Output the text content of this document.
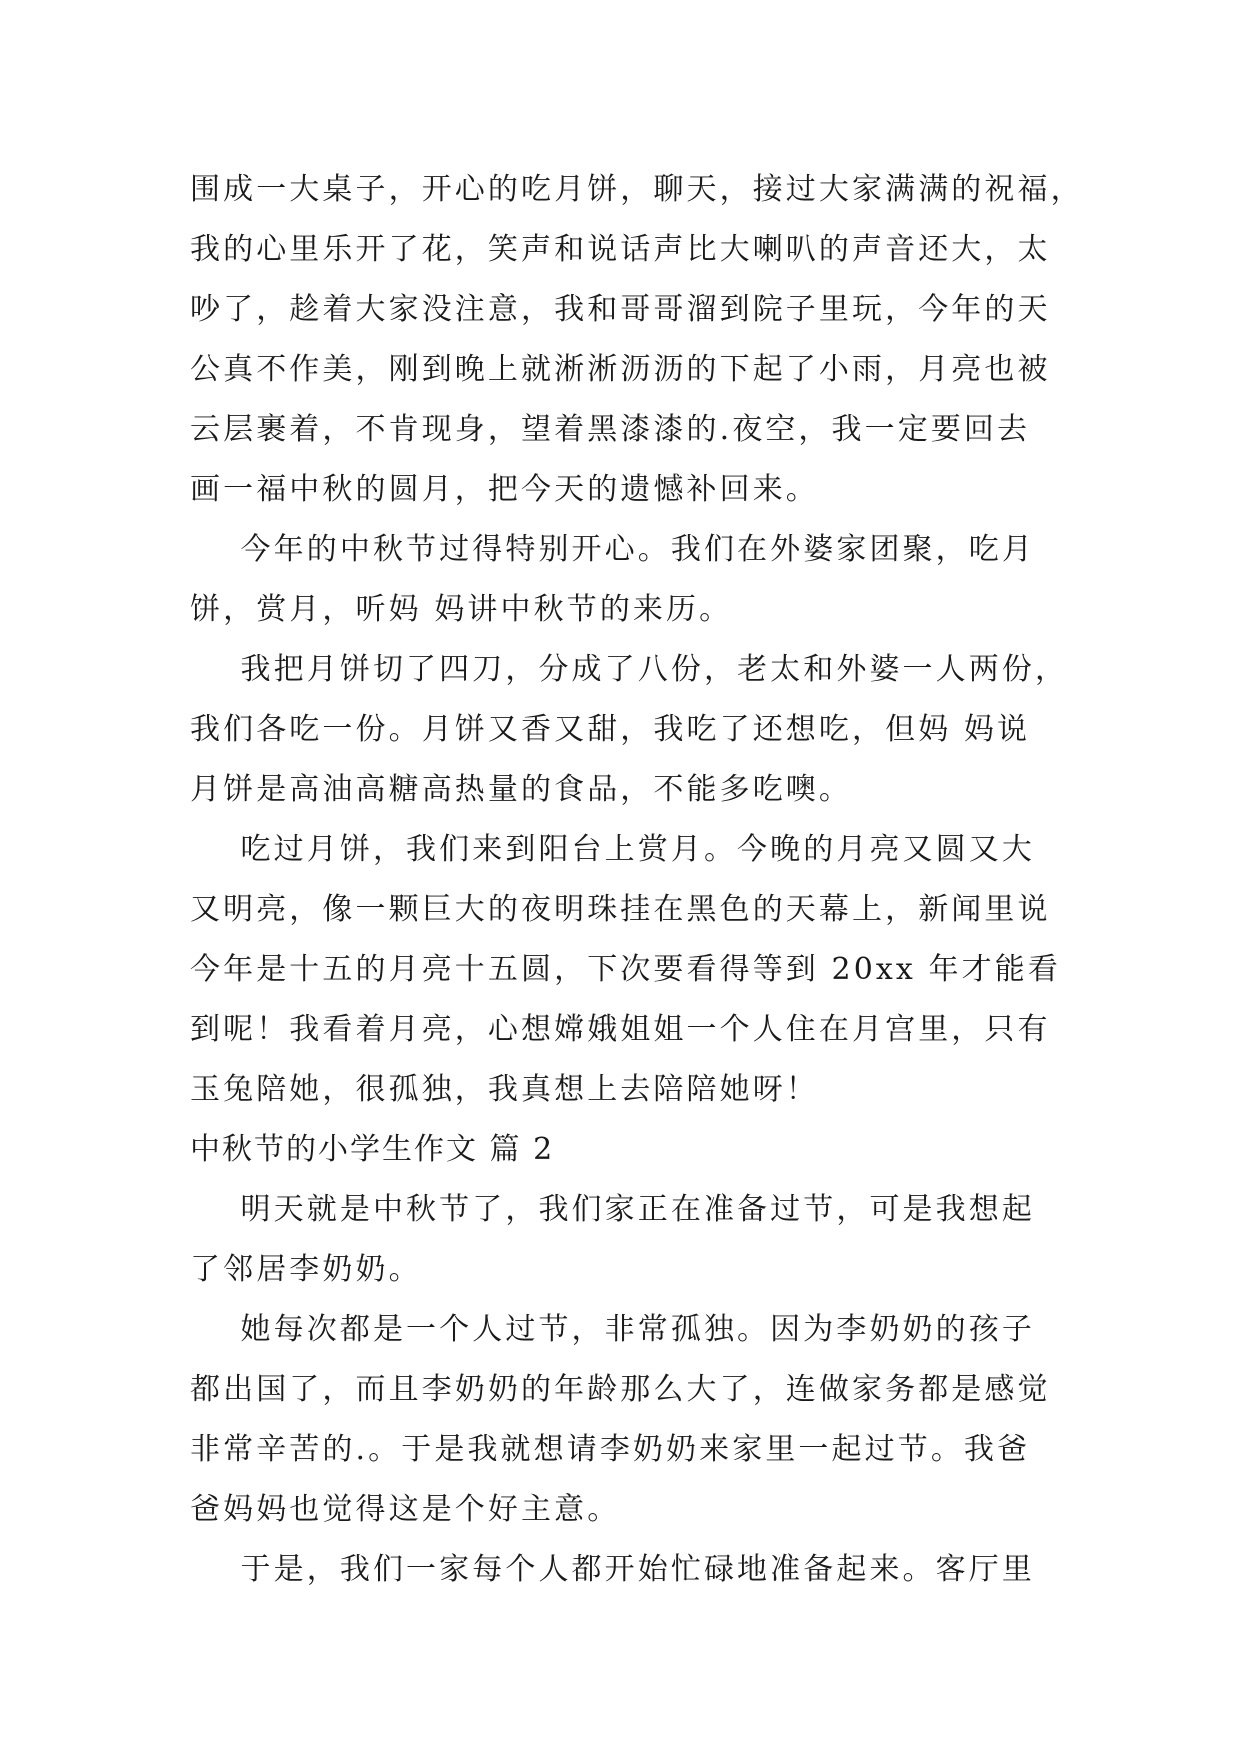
围成一大桌子，开心的吃月饼，聊天，接过大家满满的祝福，
我的心里乐开了花，笑声和说话声比大喇叭的声音还大，太
吵了，趁着大家没注意，我和哥哥溜到院子里玩，今年的天
公真不作美，刚到晚上就淅淅沥沥的下起了小雨，月亮也被
云层裹着，不肯现身，望着黑漆漆的.夜空，我一定要回去
画一福中秋的圆月，把今天的遗憾补回来。
今年的中秋节过得特别开心。我们在外婆家团聚，吃月
饼，赏月，听妈 妈讲中秋节的来历。
我把月饼切了四刀，分成了八份，老太和外婆一人两份，
我们各吃一份。月饼又香又甜，我吃了还想吃，但妈 妈说
月饼是高油高糖高热量的食品，不能多吃噢。
吃过月饼，我们来到阳台上赏月。今晚的月亮又圆又大
又明亮，像一颗巨大的夜明珠挂在黑色的天幕上，新闻里说
今年是十五的月亮十五圆，下次要看得等到 20xx 年才能看
到呢！我看着月亮，心想嫦娥姐姐一个人住在月宫里，只有
玉兔陪她，很孤独，我真想上去陪陪她呀！
中秋节的小学生作文 篇 2
明天就是中秋节了，我们家正在准备过节，可是我想起
了邻居李奶奶。
她每次都是一个人过节，非常孤独。因为李奶奶的孩子
都出国了，而且李奶奶的年龄那么大了，连做家务都是感觉
非常辛苦的.。于是我就想请李奶奶来家里一起过节。我爸
爸妈妈也觉得这是个好主意。
于是，我们一家每个人都开始忙碌地准备起来。客厅里
